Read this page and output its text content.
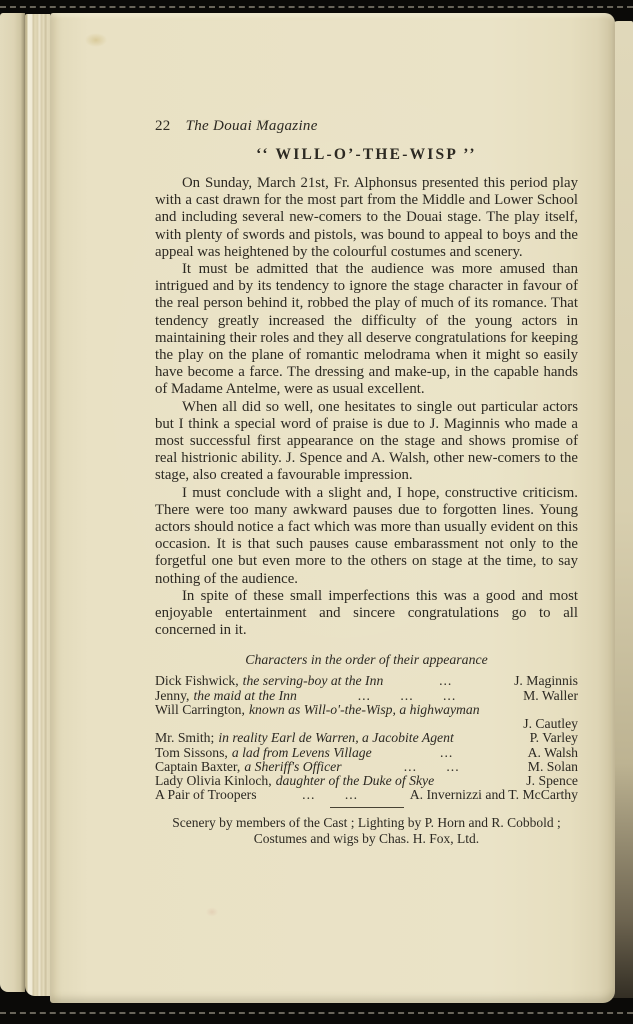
22 The Douai Magazine
‘‘ WILL-O’-THE-WISP ’’

On Sunday, March 21st, Fr. Alphonsus presented this period play with a cast drawn for the most part from the Middle and Lower School and including several new-comers to the Douai stage. The play itself, with plenty of swords and pistols, was bound to appeal to boys and the appeal was heightened by the colourful costumes and scenery.

It must be admitted that the audience was more amused than intrigued and by its tendency to ignore the stage character in favour of the real person behind it, robbed the play of much of its romance. That tendency greatly increased the difficulty of the young actors in maintaining their roles and they all deserve congratulations for keeping the play on the plane of romantic melodrama when it might so easily have become a farce. The dressing and make-up, in the capable hands of Madame Antelme, were as usual excellent.

When all did so well, one hesitates to single out particular actors but I think a special word of praise is due to J. Maginnis who made a most successful first appearance on the stage and shows promise of real histrionic ability. J. Spence and A. Walsh, other new-comers to the stage, also created a favourable impression.

I must conclude with a slight and, I hope, constructive criticism. There were too many awkward pauses due to forgotten lines. Young actors should notice a fact which was more than usually evident on this occasion. It is that such pauses cause embarassment not only to the forgetful one but even more to the others on stage at the time, to say nothing of the audience.

In spite of these small imperfections this was a good and most enjoyable entertainment and sincere congratulations go to all concerned in it.

Characters in the order of their appearance
Dick Fishwick, the serving-boy at the Inn	...	J. Maginnis
Jenny, the maid at the Inn	...  ...  ...	M. Waller
Will Carrington, known as Will-o'-the-Wisp, a highwayman
J. Cautley
Mr. Smith; in reality Earl de Warren, a Jacobite Agent	P. Varley
Tom Sissons, a lad from Levens Village	...	A. Walsh
Captain Baxter, a Sheriff's Officer	...  ...	M. Solan
Lady Olivia Kinloch, daughter of the Duke of Skye	J. Spence
A Pair of Troopers	...  ...	A. Invernizzi and T. McCarthy
Scenery by members of the Cast ; Lighting by P. Horn and R. Cobbold ;
Costumes and wigs by Chas. H. Fox, Ltd.
